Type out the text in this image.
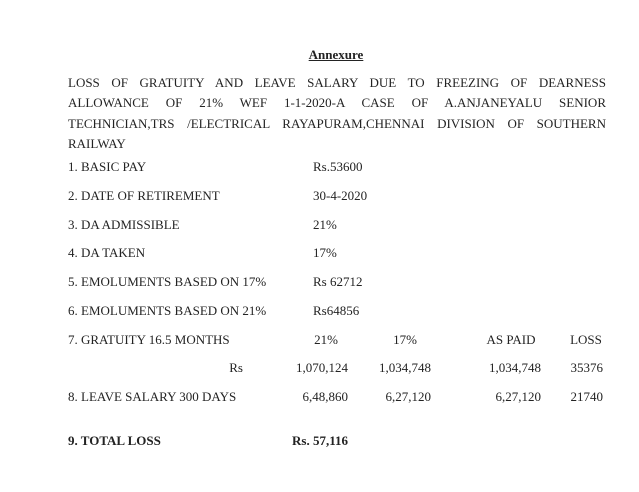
Annexure
LOSS OF GRATUITY AND LEAVE SALARY DUE TO FREEZING OF DEARNESS ALLOWANCE OF 21% WEF 1-1-2020-A CASE OF A.ANJANEYALU SENIOR TECHNICIAN,TRS /ELECTRICAL RAYAPURAM,CHENNAI DIVISION OF SOUTHERN RAILWAY
1. BASIC PAY	Rs.53600
2. DATE OF RETIREMENT	30-4-2020
3. DA ADMISSIBLE	21%
4. DA TAKEN	17%
5. EMOLUMENTS BASED ON 17%	Rs 62712
6. EMOLUMENTS BASED ON 21%	Rs64856
7. GRATUITY 16.5 MONTHS	21%	17%	AS PAID	LOSS
Rs	1,070,124	1,034,748	1,034,748	35376
8. LEAVE SALARY 300 DAYS	6,48,860	6,27,120	6,27,120	21740
9. TOTAL LOSS	Rs. 57,116
